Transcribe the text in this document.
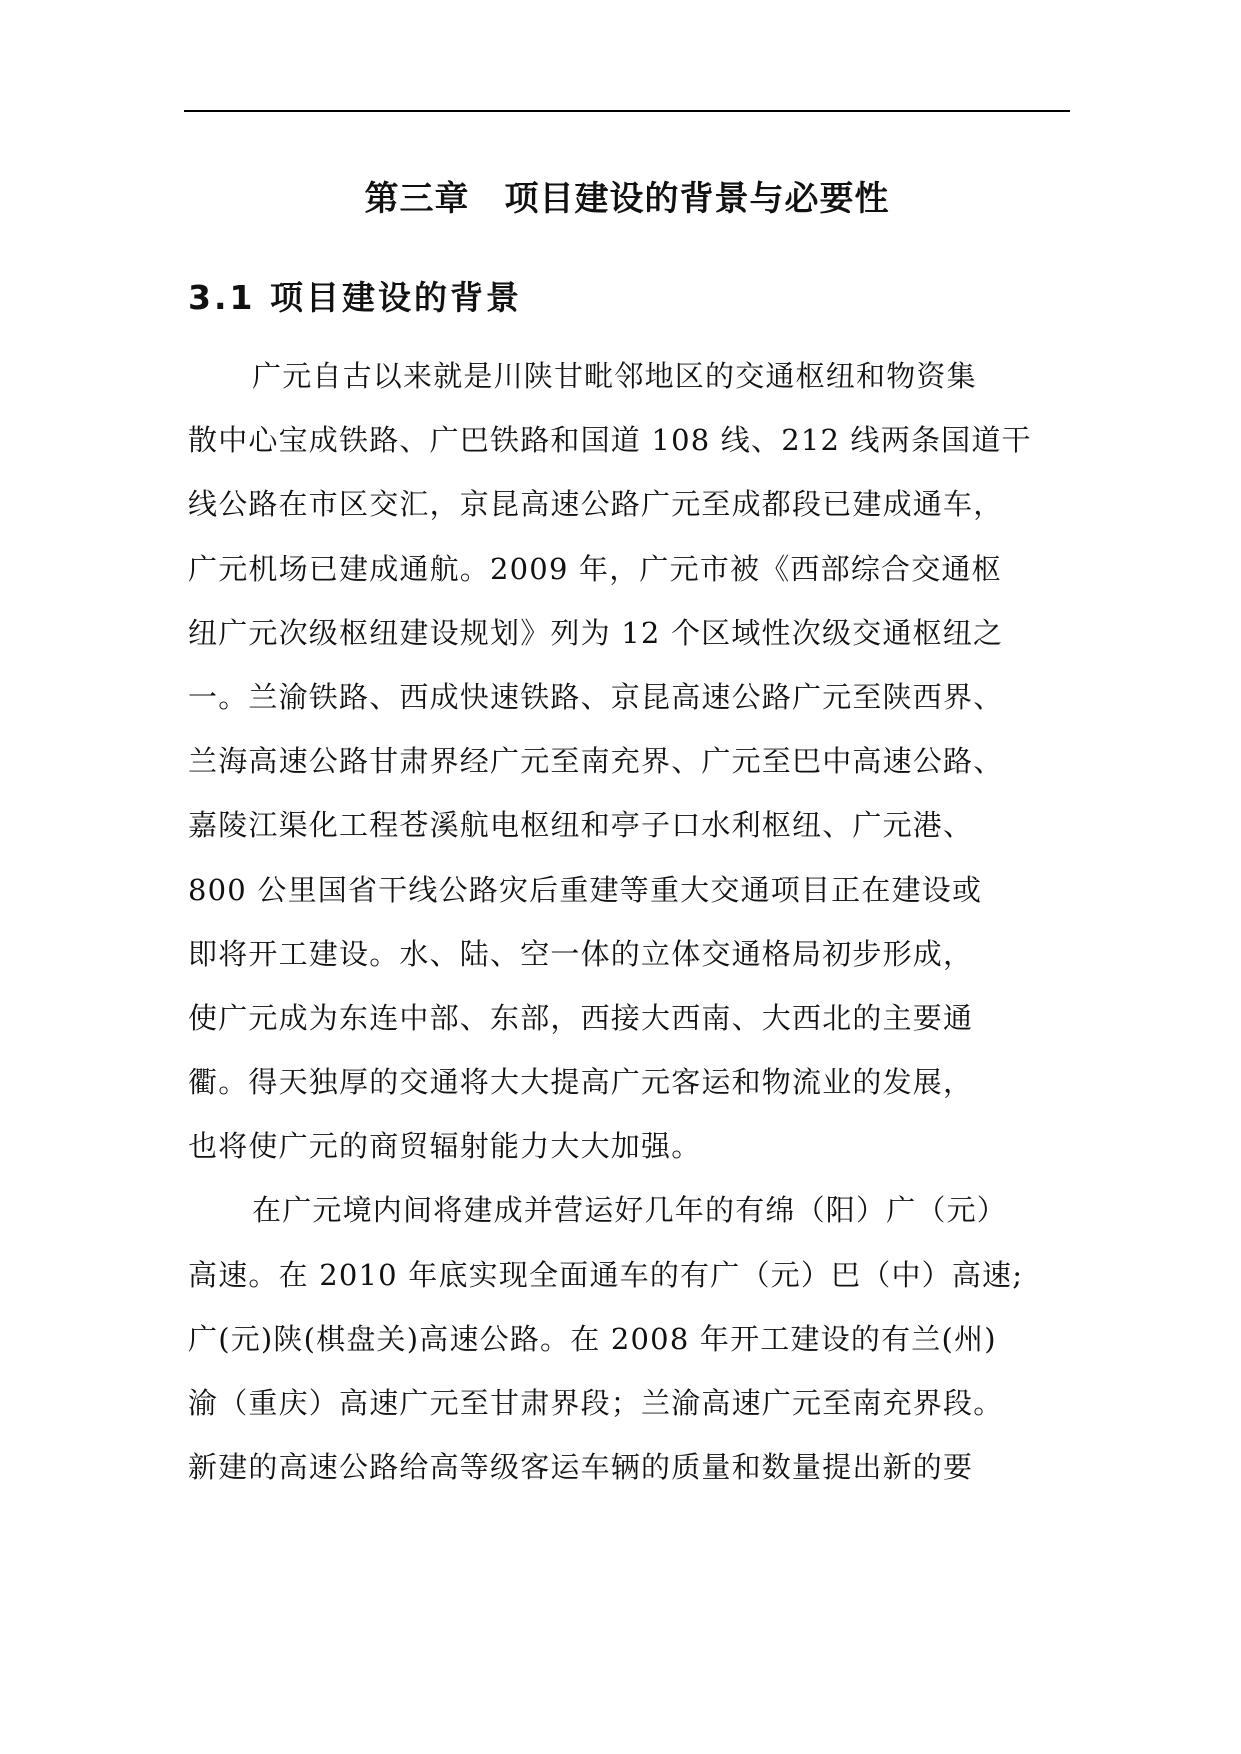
第三章　项目建设的背景与必要性
3.1 项目建设的背景
广元自古以来就是川陕甘毗邻地区的交通枢纽和物资集
散中心宝成铁路、广巴铁路和国道 108 线、212 线两条国道干
线公路在市区交汇，京昆高速公路广元至成都段已建成通车，
广元机场已建成通航。2009 年，广元市被《西部综合交通枢
纽广元次级枢纽建设规划》列为 12 个区域性次级交通枢纽之
一。兰渝铁路、西成快速铁路、京昆高速公路广元至陕西界、
兰海高速公路甘肃界经广元至南充界、广元至巴中高速公路、
嘉陵江渠化工程苍溪航电枢纽和亭子口水利枢纽、广元港、
800 公里国省干线公路灾后重建等重大交通项目正在建设或
即将开工建设。水、陆、空一体的立体交通格局初步形成，
使广元成为东连中部、东部，西接大西南、大西北的主要通
衢。得天独厚的交通将大大提高广元客运和物流业的发展，
也将使广元的商贸辐射能力大大加强。
在广元境内间将建成并营运好几年的有绵（阳）广（元）
高速。在 2010 年底实现全面通车的有广（元）巴（中）高速;
广(元)陕(棋盘关)高速公路。在 2008 年开工建设的有兰(州)
渝（重庆）高速广元至甘肃界段；兰渝高速广元至南充界段。
新建的高速公路给高等级客运车辆的质量和数量提出新的要
